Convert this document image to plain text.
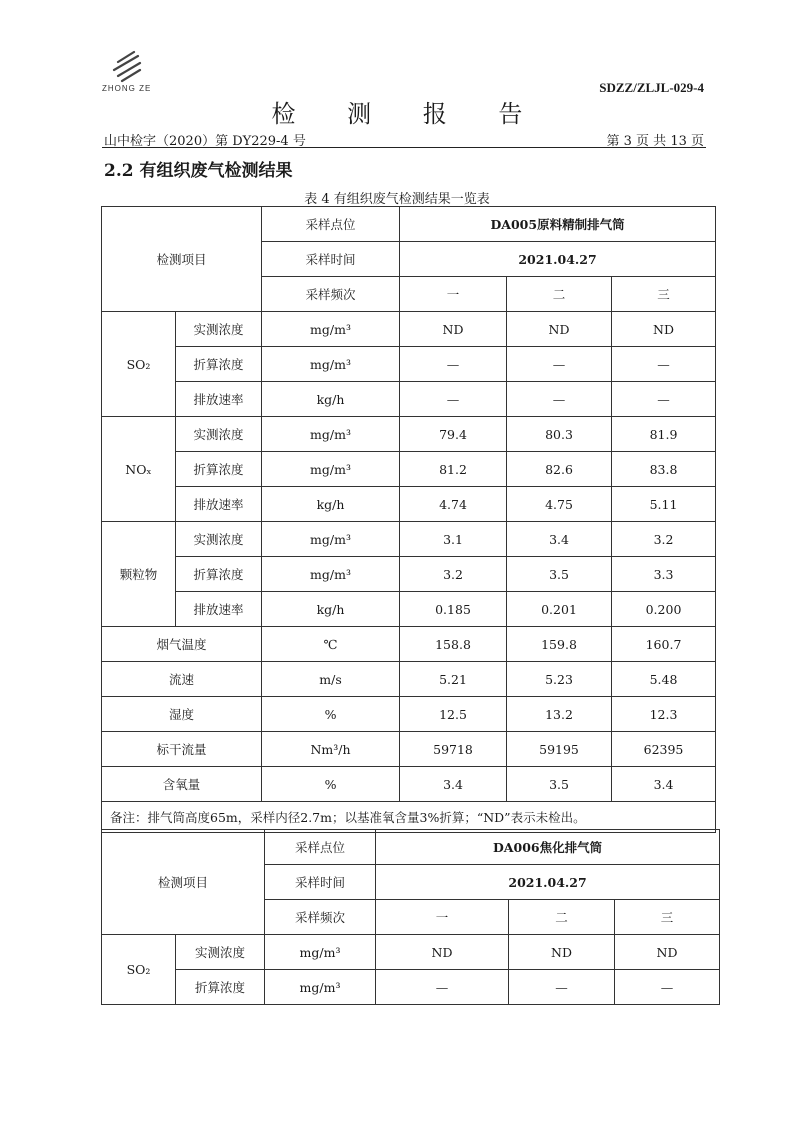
ZHONG ZE	SDZZ/ZLJL-029-4
检 测 报 告
山中检字（2020）第 DY229-4 号	第 3 页 共 13 页
2.2 有组织废气检测结果
表 4 有组织废气检测结果一览表
检测项目		采样点位	DA005原料精制排气筒		
		采样时间	2021.04.27		
		采样频次	一	二	三
SO₂	实测浓度	mg/m³	ND	ND	ND
	折算浓度	mg/m³	—	—	—
	排放速率	kg/h	—	—	—
NOₓ	实测浓度	mg/m³	79.4	80.3	81.9
	折算浓度	mg/m³	81.2	82.6	83.8
	排放速率	kg/h	4.74	4.75	5.11
颗粒物	实测浓度	mg/m³	3.1	3.4	3.2
	折算浓度	mg/m³	3.2	3.5	3.3
	排放速率	kg/h	0.185	0.201	0.200
烟气温度		℃	158.8	159.8	160.7
流速		m/s	5.21	5.23	5.48
湿度		%	12.5	13.2	12.3
标干流量		Nm³/h	59718	59195	62395
含氧量		%	3.4	3.5	3.4
备注：排气筒高度65m，采样内径2.7m；以基准氧含量3%折算；“ND”表示未检出。					
检测项目		采样点位	DA006焦化排气筒		
		采样时间	2021.04.27		
		采样频次	一	二	三
SO₂	实测浓度	mg/m³	ND	ND	ND
	折算浓度	mg/m³	—	—	—
